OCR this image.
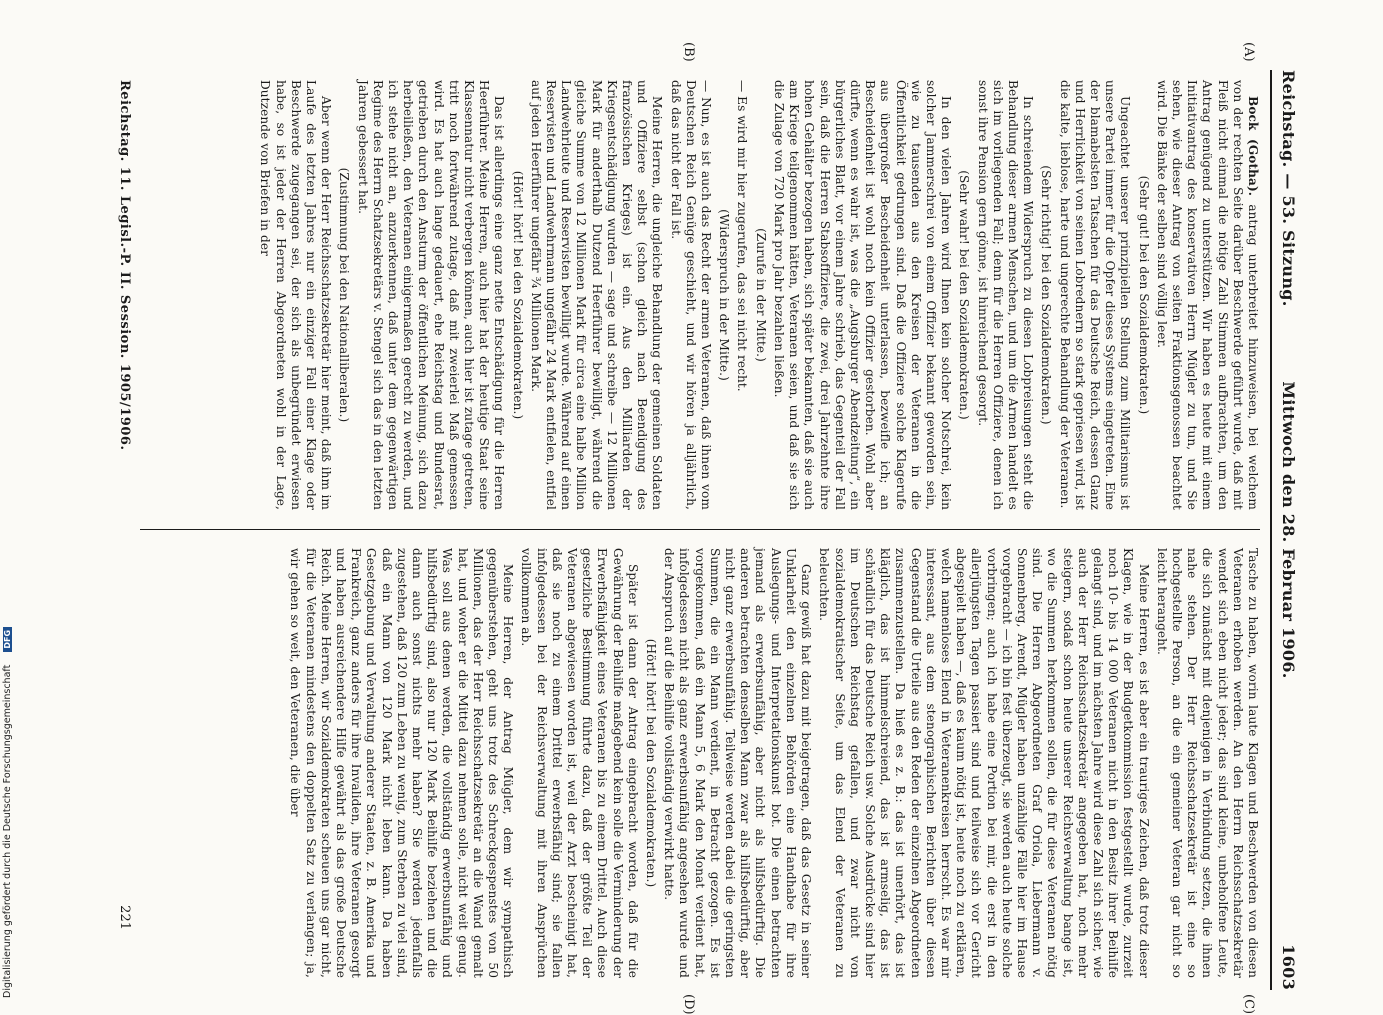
Digitalisierung gefördert durch die Deutsche Forschungsgemeinschaft DFG
Reichstag. — 53. Sitzung.
Mittwoch den 28. Februar 1906.
1603
(A)
(B)
(C)
(D)

Bock (Gotha). antrag unterbreitet hinzuweisen, bei welchem von der rechten Seite darüber Beschwerde geführt wurde, daß mit Fleiß nicht einmal die nötige Zahl Stimmen aufbrachten, um den Antrag genügend zu unterstützen. Wir haben es heute mit einem Initiativantrag des konservativen Herrn Mügler zu tun, und Sie sehen, wie dieser Antrag von seiten Fraktionsgenossen beachtet wird. Die Bänke der selben sind völlig leer.

(Sehr gut! bei den Sozialdemokraten.)

Ungeachtet unserer prinzipiellen Stellung zum Militarismus ist unsere Partei immer für die Opfer dieses Systems eingetreten. Eine der blamabelsten Tatsachen für das Deutsche Reich, dessen Glanz und Herrlichkeit von seinen Lobrednern so stark gepriesen wird, ist die kalte, lieblose, harte und ungerechte Behandlung der Veteranen.

(Sehr richtig! bei den Sozialdemokraten.)

In schreiendem Widerspruch zu diesen Lobpreisungen steht die Behandlung dieser armen Menschen, und um die Armen handelt es sich im vorliegenden Fall; denn für die Herren Offiziere, denen ich sonst ihre Pension gern gönne, ist hinreichend gesorgt.

(Sehr wahr! bei den Sozialdemokraten.)

In den vielen Jahren wird Ihnen kein solcher Notschrei, kein solcher Jammerschrei von einem Offizier bekannt geworden sein, wie zu tausenden aus den Kreisen der Veteranen in die Öffentlichkeit gedrungen sind. Daß die Offiziere solche Klagerufe aus übergroßer Bescheidenheit unterlassen, bezweifle ich; an Bescheidenheit ist wohl noch kein Offizier gestorben. Wohl aber dürfte, wenn es wahr ist, was die „Augsburger Abendzeitung“, ein bürgerliches Blatt, vor einem Jahre schrieb, das Gegenteil der Fall sein, daß die Herren Stabsoffiziere, die zwei, drei Jahrzehnte ihre hohen Gehälter bezogen haben, sich später bekannten, daß sie auch am Kriege teilgenommen hätten, Veteranen seien, und daß sie sich die Zulage von 720 Mark pro Jahr bezahlen ließen.

(Zurufe in der Mitte.)

— Es wird mir hier zugerufen, das sei nicht recht.

(Widerspruch in der Mitte.)

— Nun, es ist auch das Recht der armen Veteranen, daß ihnen vom Deutschen Reich Genüge geschieht, und wir hören ja alljährlich, daß das nicht der Fall ist.

Meine Herren, die ungleiche Behandlung der gemeinen Soldaten und Offiziere selbst (schon gleich nach Beendigung des französischen Krieges) ist ein. Aus den Milliarden der Kriegsentschädigung wurden — sage und schreibe — 12 Millionen Mark für anderthalb Dutzend Heerführer bewilligt, während die gleiche Summe von 12 Millionen Mark für circa eine halbe Million Landwehrleute und Reservisten bewilligt wurde. Während auf einen Reservisten und Landwehrmann ungefähr 24 Mark entfielen, entfiel auf jeden Heerführer ungefähr ¾ Millionen Mark.

(Hört! hört! bei den Sozialdemokraten.)

Das ist allerdings eine ganz nette Entschädigung für die Herren Heerführer. Meine Herren, auch hier hat der heutige Staat seine Klassennatur nicht verbergen können, auch hier ist zutage getreten, tritt noch fortwährend zutage, daß mit zweierlei Maß gemessen wird. Es hat auch lange gedauert, ehe Reichstag und Bundesrat, getrieben durch den Ansturm der öffentlichen Meinung, sich dazu herbeiließen, den Veteranen einigermaßen gerecht zu werden, und ich stehe nicht an, anzuerkennen, daß unter dem gegenwärtigen Regime des Herrn Schatzsekretärs v. Stengel sich das in den letzten Jahren gebessert hat.

(Zustimmung bei den Nationalliberalen.)

Aber wenn der Herr Reichsschatzsekretär hier meint, daß ihm im Laufe des letzten Jahres nur ein einziger Fall einer Klage oder Beschwerde zugegangen sei, der sich als unbegründet erwiesen habe, so ist jeder der Herren Abgeordneten wohl in der Lage, Dutzende von Briefen in der

Tasche zu haben, worin laute Klagen und Beschwerden von diesen Veteranen erhoben werden. An den Herrn Reichsschatzsekretär wendet sich eben nicht jeder; das sind kleine, unbeholfene Leute, die sich zunächst mit denjenigen in Verbindung setzen, die ihnen nahe stehen. Der Herr Reichsschatzsekretär ist eine so hochgestellte Person, an die ein gemeiner Veteran gar nicht so leicht herangeht.

Meine Herren, es ist aber ein trauriges Zeichen, daß trotz dieser Klagen, wie in der Budgetkommission festgestellt wurde, zurzeit noch 10- bis 14 000 Veteranen nicht in den Besitz ihrer Beihilfe gelangt sind, und im nächsten Jahre wird diese Zahl sich sicher, wie auch der Herr Reichsschatzsekretär angegeben hat, noch mehr steigern, sodaß schon heute unserer Reichsverwaltung bange ist, wo die Summen herkommen sollen, die für diese Veteranen nötig sind. Die Herren Abgeordneten Graf Oriola, Liebermann v. Sonnenberg, Arendt, Mügler haben unzählige Fälle hier im Hause vorgebracht — ich bin fest überzeugt, sie werden auch heute solche vorbringen; auch ich habe eine Portion bei mir, die erst in den allerjüngsten Tagen passiert sind und teilweise sich vor Gericht abgespielt haben —, daß es kaum nötig ist, heute noch zu erklären, welch namenloses Elend in Veteranenkreisen herrscht. Es war mir interessant, aus dem stenographischen Berichten über diesen Gegenstand die Urteile aus den Reden der einzelnen Abgeordneten zusammenzustellen. Da hieß es z. B.: das ist unerhört, das ist kläglich, das ist himmelschreiend, das ist armselig, das ist schändlich für das Deutsche Reich usw. Solche Ausdrücke sind hier im Deutschen Reichstag gefallen, und zwar nicht von sozialdemokratischer Seite, um das Elend der Veteranen zu beleuchten.

Ganz gewiß hat dazu mit beigetragen, daß das Gesetz in seiner Unklarheit den einzelnen Behörden eine Handhabe für ihre Auslegungs- und Interpretationskunst bot. Die einen betrachten jemand als erwerbsunfähig, aber nicht als hilfsbedürftig. Die anderen betrachten denselben Mann zwar als hilfsbedürftig, aber nicht ganz erwerbsunfähig. Teilweise werden dabei die geringsten Summen, die ein Mann verdient, in Betracht gezogen. Es ist vorgekommen, daß ein Mann 5, 6 Mark den Monat verdient hat, infolgedessen nicht als ganz erwerbsunfähig angesehen wurde und der Anspruch auf die Beihilfe vollständig verwirkt hatte.

(Hört! hört! bei den Sozialdemokraten.)

Später ist dann der Antrag eingebracht worden, daß für die Gewährung der Beihilfe maßgebend kein solle die Verminderung der Erwerbsfähigkeit eines Veteranen bis zu einem Drittel. Auch diese gesetzliche Bestimmung führte dazu, daß der größte Teil der Veteranen abgewiesen worden ist, weil der Arzt bescheinigt hat, daß sie noch zu einem Drittel erwerbsfähig sind; sie fallen infolgedessen bei der Reichsverwaltung mit ihren Ansprüchen vollkommen ab.

Meine Herren, der Antrag Mügler, dem wir sympathisch gegenüberstehen, geht uns trotz des Schreckgespenstes von 50 Millionen, das der Herr Reichsschatzsekretär an die Wand gemalt hat, und woher er die Mittel dazu nehmen solle, nicht weit genug. Was soll aus denen werden, die vollständig erwerbsunfähig und hilfsbedürftig sind, also nur 120 Mark Beihilfe beziehen und die dann auch sonst nichts mehr haben? Sie werden jedenfalls zugestehen, daß 120 zum Leben zu wenig, zum Sterben zu viel sind, daß ein Mann von 120 Mark nicht leben kann. Da haben Gesetzgebung und Verwaltung anderer Staaten, z. B. Amerika und Frankreich, ganz anders für ihre Invaliden, ihre Veteranen gesorgt und haben ausreichendere Hilfe gewährt als das große Deutsche Reich. Meine Herren, wir Sozialdemokraten scheuen uns gar nicht, für die Veteranen mindestens den doppelten Satz zu verlangen; ja, wir gehen so weit, den Veteranen, die über

Reichstag. 11. Legisl.-P. II. Session. 1905/1906.
221
